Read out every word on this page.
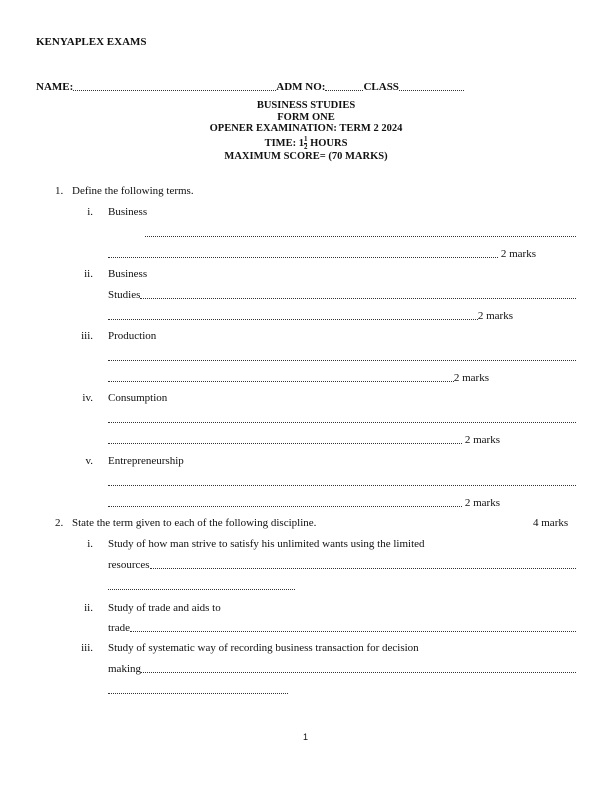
KENYAPLEX EXAMS
NAME:	ADM NO:	CLASS
BUSINESS STUDIES
FORM ONE
OPENER EXAMINATION: TERM 2 2024
TIME: $1 \frac{1}{2}$ HOURS
MAXIMUM SCORE= (70 MARKS)
1. Define the following terms.
i. Business
2 marks
ii. Business
Studies
2 marks
iii. Production
2 marks
iv. Consumption
2 marks
v. Entrepreneurship
2 marks
2. State the term given to each of the following discipline.	4 marks
i. Study of how man strive to satisfy his unlimited wants using the limited
resources
ii. Study of trade and aids to
trade
iii. Study of systematic way of recording business transaction for decision
making
1
